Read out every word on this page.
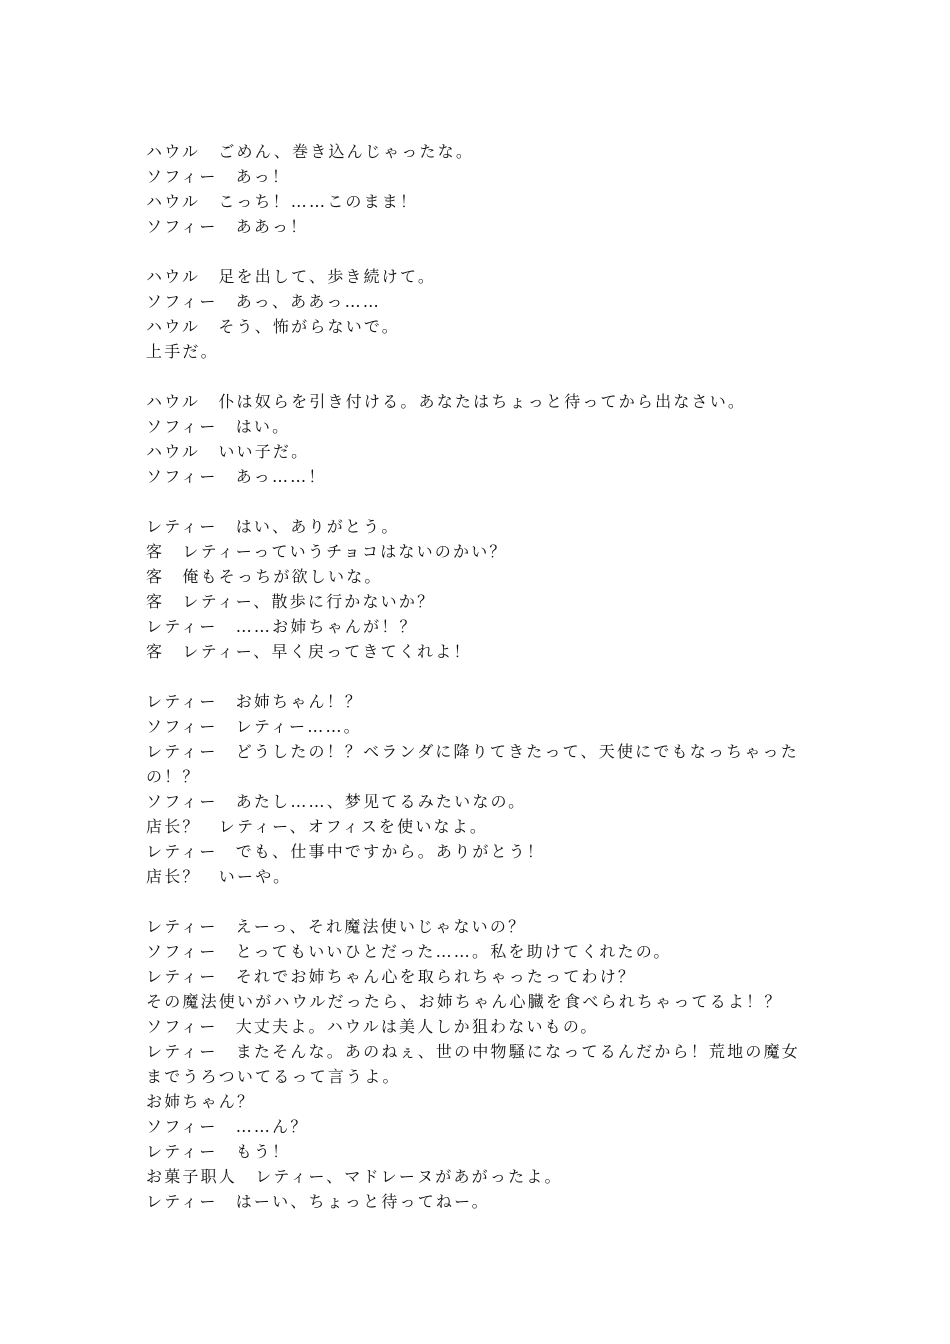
ハウル　ごめん、巻き込んじゃったな。
ソフィー　あっ！
ハウル　こっち！……このまま！
ソフィー　ああっ！
ハウル　足を出して、歩き続けて。
ソフィー　あっ、ああっ……
ハウル　そう、怖がらないで。
上手だ。
ハウル　仆は奴らを引き付ける。あなたはちょっと待ってから出なさい。
ソフィー　はい。
ハウル　いい子だ。
ソフィー　あっ……！
レティー　はい、ありがとう。
客　レティーっていうチョコはないのかい？
客　俺もそっちが欲しいな。
客　レティー、散歩に行かないか？
レティー　……お姉ちゃんが！？
客　レティー、早く戻ってきてくれよ！
レティー　お姉ちゃん！？
ソフィー　レティー……。
レティー　どうしたの！？ベランダに降りてきたって、天使にでもなっちゃったの！？
ソフィー　あたし……、梦见てるみたいなの。
店长？　レティー、オフィスを使いなよ。
レティー　でも、仕事中ですから。ありがとう！
店长？　いーや。
レティー　えーっ、それ魔法使いじゃないの？
ソフィー　とってもいいひとだった……。私を助けてくれたの。
レティー　それでお姉ちゃん心を取られちゃったってわけ？
その魔法使いがハウルだったら、お姉ちゃん心臓を食べられちゃってるよ！？
ソフィー　大丈夫よ。ハウルは美人しか狙わないもの。
レティー　またそんな。あのねぇ、世の中物騒になってるんだから！荒地の魔女までうろついてるって言うよ。
お姉ちゃん？
ソフィー　……ん？
レティー　もう！
お菓子职人　レティー、マドレーヌがあがったよ。
レティー　はーい、ちょっと待ってねー。
